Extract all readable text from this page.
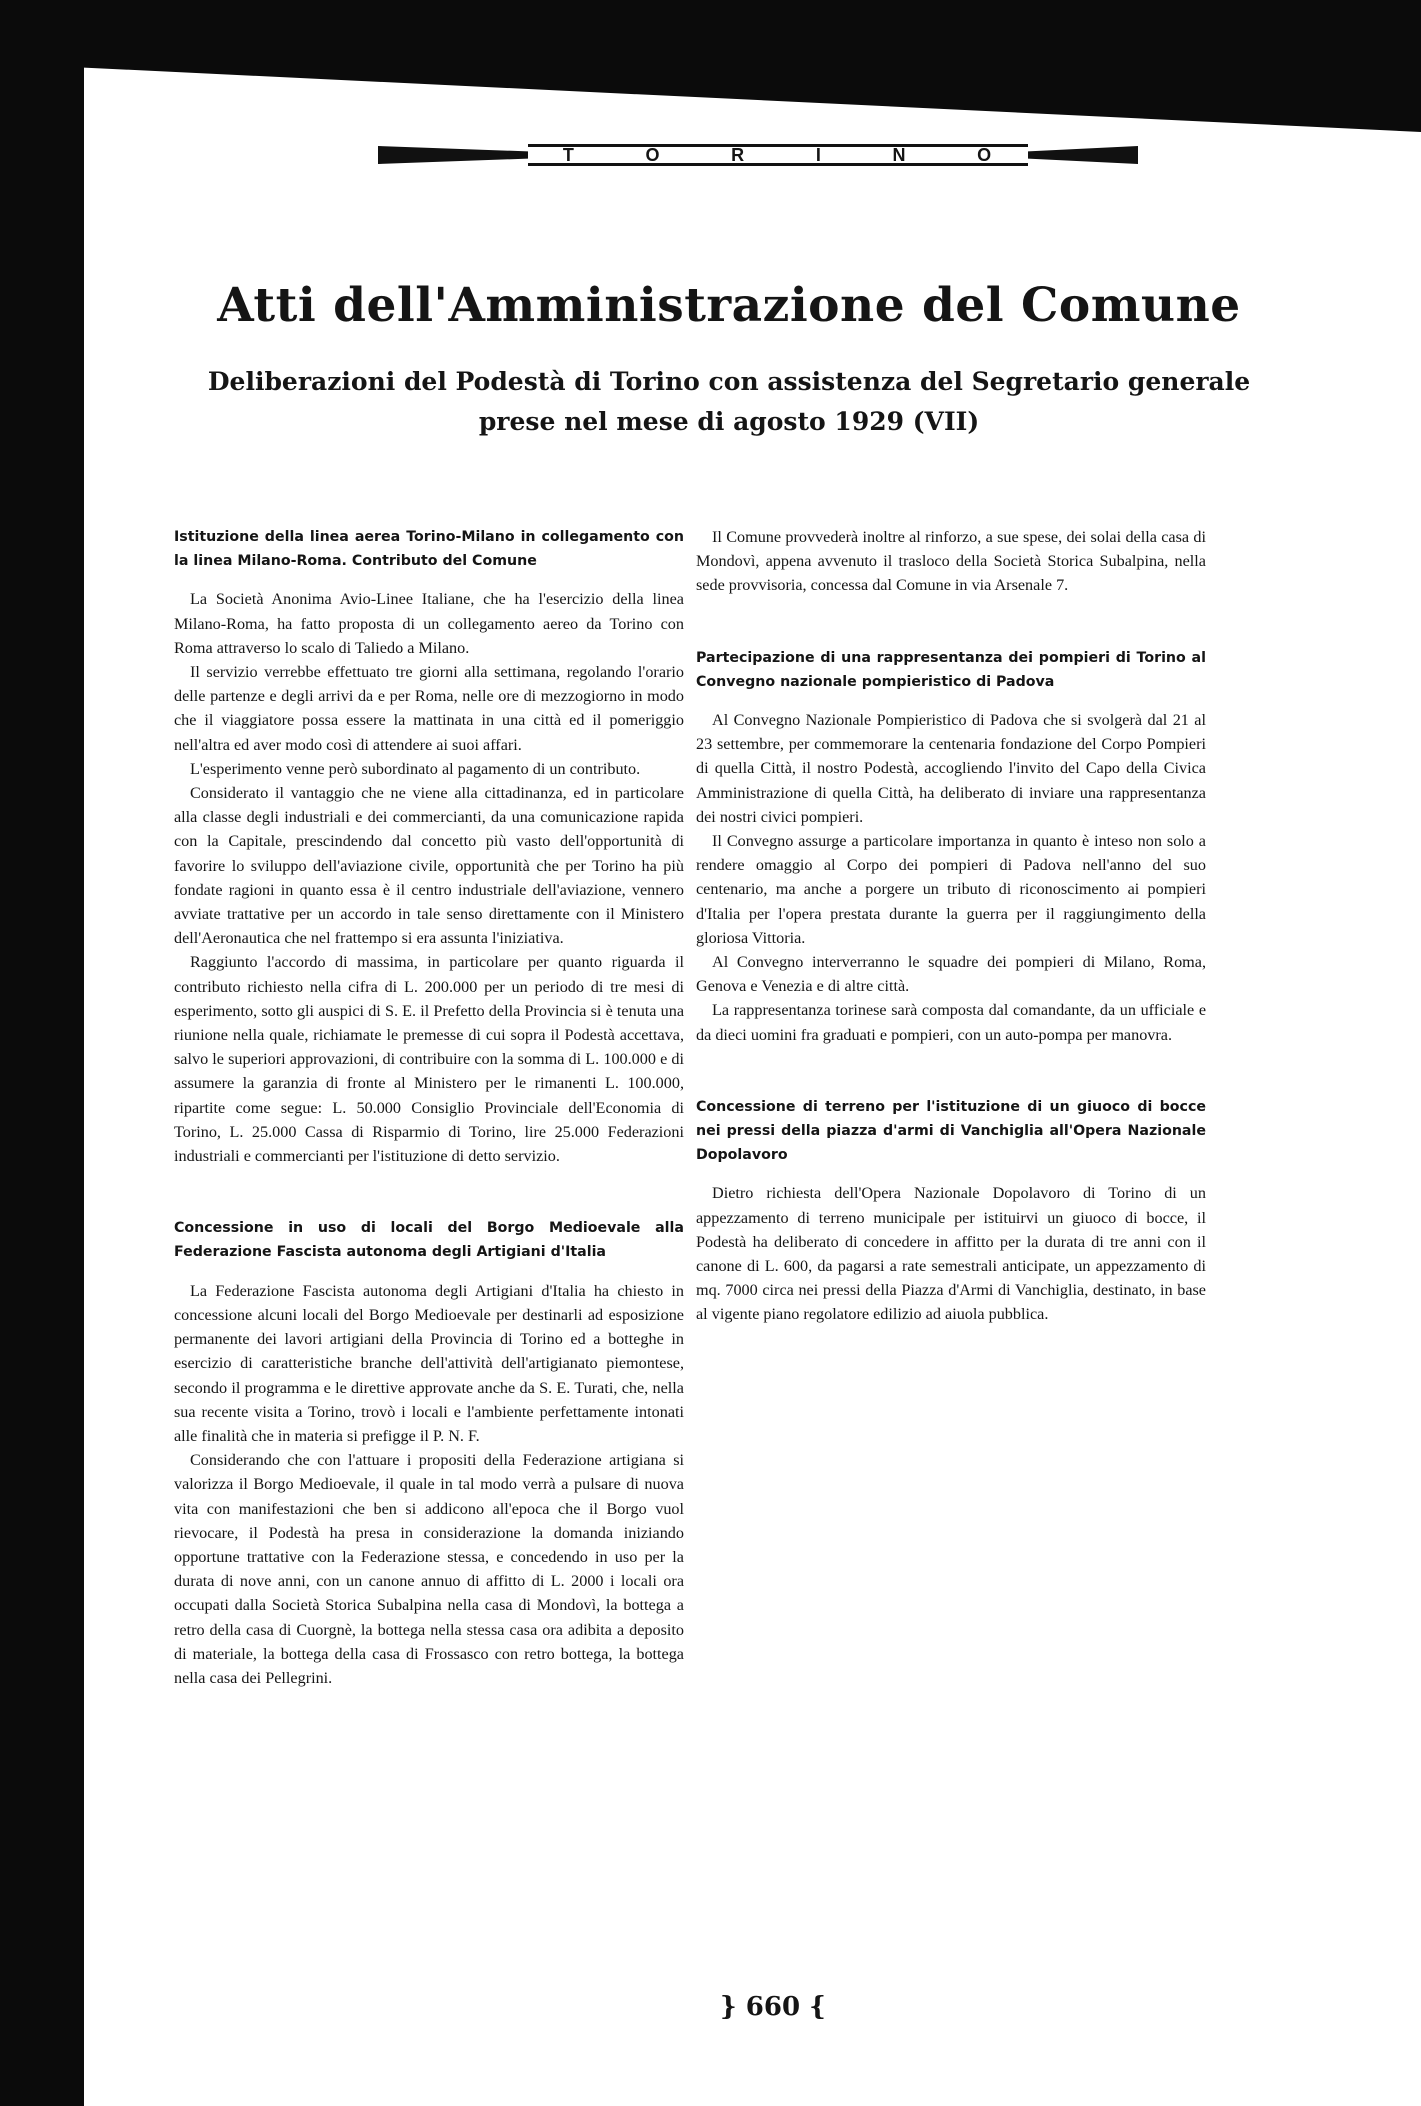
T	O	R	I	N	O
Atti dell'Amministrazione del Comune
Deliberazioni del Podestà di Torino con assistenza del Segretario generale
prese nel mese di agosto 1929 (VII)
Istituzione della linea aerea Torino-Milano in collegamento con la linea Milano-Roma. Contributo del Comune

La Società Anonima Avio-Linee Italiane, che ha l'esercizio della linea Milano-Roma, ha fatto proposta di un collegamento aereo da Torino con Roma attraverso lo scalo di Taliedo a Milano.

Il servizio verrebbe effettuato tre giorni alla settimana, regolando l'orario delle partenze e degli arrivi da e per Roma, nelle ore di mezzogiorno in modo che il viaggiatore possa essere la mattinata in una città ed il pomeriggio nell'altra ed aver modo così di attendere ai suoi affari.

L'esperimento venne però subordinato al pagamento di un contributo.

Considerato il vantaggio che ne viene alla cittadinanza, ed in particolare alla classe degli industriali e dei commercianti, da una comunicazione rapida con la Capitale, prescindendo dal concetto più vasto dell'opportunità di favorire lo sviluppo dell'aviazione civile, opportunità che per Torino ha più fondate ragioni in quanto essa è il centro industriale dell'aviazione, vennero avviate trattative per un accordo in tale senso direttamente con il Ministero dell'Aeronautica che nel frattempo si era assunta l'iniziativa.

Raggiunto l'accordo di massima, in particolare per quanto riguarda il contributo richiesto nella cifra di L. 200.000 per un periodo di tre mesi di esperimento, sotto gli auspici di S. E. il Prefetto della Provincia si è tenuta una riunione nella quale, richiamate le premesse di cui sopra il Podestà accettava, salvo le superiori approvazioni, di contribuire con la somma di L. 100.000 e di assumere la garanzia di fronte al Ministero per le rimanenti L. 100.000, ripartite come segue: L. 50.000 Consiglio Provinciale dell'Economia di Torino, L. 25.000 Cassa di Risparmio di Torino, lire 25.000 Federazioni industriali e commercianti per l'istituzione di detto servizio.

Concessione in uso di locali del Borgo Medioevale alla Federazione Fascista autonoma degli Artigiani d'Italia

La Federazione Fascista autonoma degli Artigiani d'Italia ha chiesto in concessione alcuni locali del Borgo Medioevale per destinarli ad esposizione permanente dei lavori artigiani della Provincia di Torino ed a botteghe in esercizio di caratteristiche branche dell'attività dell'artigianato piemontese, secondo il programma e le direttive approvate anche da S. E. Turati, che, nella sua recente visita a Torino, trovò i locali e l'ambiente perfettamente intonati alle finalità che in materia si prefigge il P. N. F.

Considerando che con l'attuare i propositi della Federazione artigiana si valorizza il Borgo Medioevale, il quale in tal modo verrà a pulsare di nuova vita con manifestazioni che ben si addicono all'epoca che il Borgo vuol rievocare, il Podestà ha presa in considerazione la domanda iniziando opportune trattative con la Federazione stessa, e concedendo in uso per la durata di nove anni, con un canone annuo di affitto di L. 2000 i locali ora occupati dalla Società Storica Subalpina nella casa di Mondovì, la bottega a retro della casa di Cuorgnè, la bottega nella stessa casa ora adibita a deposito di materiale, la bottega della casa di Frossasco con retro bottega, la bottega nella casa dei Pellegrini.

Il Comune provvederà inoltre al rinforzo, a sue spese, dei solai della casa di Mondovì, appena avvenuto il trasloco della Società Storica Subalpina, nella sede provvisoria, concessa dal Comune in via Arsenale 7.

Partecipazione di una rappresentanza dei pompieri di Torino al Convegno nazionale pompieristico di Padova

Al Convegno Nazionale Pompieristico di Padova che si svolgerà dal 21 al 23 settembre, per commemorare la centenaria fondazione del Corpo Pompieri di quella Città, il nostro Podestà, accogliendo l'invito del Capo della Civica Amministrazione di quella Città, ha deliberato di inviare una rappresentanza dei nostri civici pompieri.

Il Convegno assurge a particolare importanza in quanto è inteso non solo a rendere omaggio al Corpo dei pompieri di Padova nell'anno del suo centenario, ma anche a porgere un tributo di riconoscimento ai pompieri d'Italia per l'opera prestata durante la guerra per il raggiungimento della gloriosa Vittoria.

Al Convegno interverranno le squadre dei pompieri di Milano, Roma, Genova e Venezia e di altre città.

La rappresentanza torinese sarà composta dal comandante, da un ufficiale e da dieci uomini fra graduati e pompieri, con un auto-pompa per manovra.

Concessione di terreno per l'istituzione di un giuoco di bocce nei pressi della piazza d'armi di Vanchiglia all'Opera Nazionale Dopolavoro

Dietro richiesta dell'Opera Nazionale Dopolavoro di Torino di un appezzamento di terreno municipale per istituirvi un giuoco di bocce, il Podestà ha deliberato di concedere in affitto per la durata di tre anni con il canone di L. 600, da pagarsi a rate semestrali anticipate, un appezzamento di mq. 7000 circa nei pressi della Piazza d'Armi di Vanchiglia, destinato, in base al vigente piano regolatore edilizio ad aiuola pubblica.

} 660 {
